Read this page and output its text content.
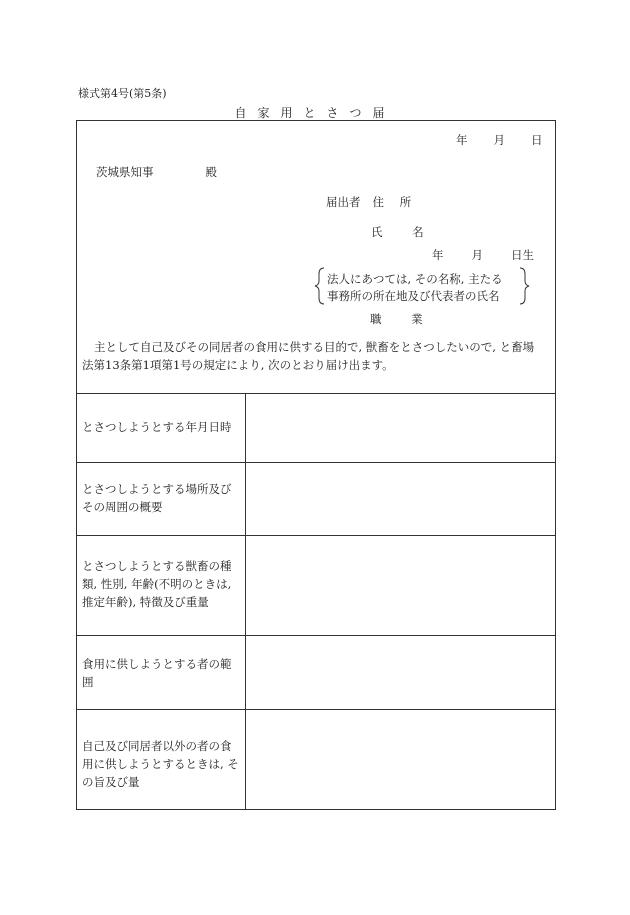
様式第4号(第5条)
自家用とさつ届
年 月 日
茨城県知事	殿
届出者 住 所
氏 名
年 月 日生
法人にあつては, その名称, 主たる
事務所の所在地及び代表者の氏名
職 業
主として自己及びその同居者の食用に供する目的で, 獣畜をとさつしたいので, と畜場
法第13条第1項第1号の規定により, 次のとおり届け出ます。
とさつしようとする年月日時
とさつしようとする場所及びその周囲の概要
とさつしようとする獣畜の種類, 性別, 年齢(不明のときは, 推定年齢), 特徴及び重量
食用に供しようとする者の範囲
自己及び同居者以外の者の食用に供しようとするときは, その旨及び量
